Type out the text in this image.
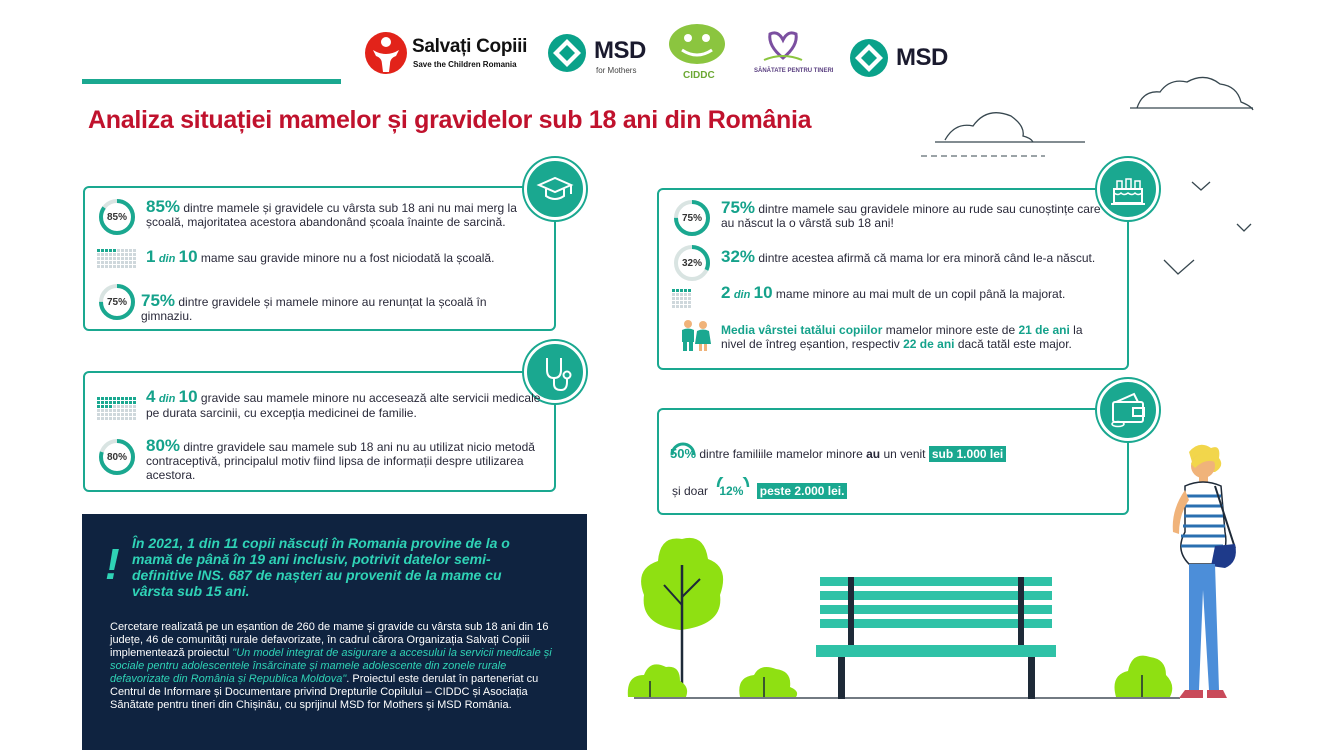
Salvați Copiii
Save the Children Romania
MSD
for Mothers	CIDDC	SĂNĂTATE PENTRU TINERI	MSD
Analiza situației mamelor și gravidelor sub 18 ani din România
85%
85% dintre mamele și gravidele cu vârsta sub 18 ani nu mai merg la școală, majoritatea acestora abandonând școala înainte de sarcină.
1 din 10 mame sau gravide minore nu a fost niciodată la școală.
75% 75% dintre gravidele și mamele minore au renunțat la școală în gimnaziu.
4 din 10 gravide sau mamele minore nu accesează alte servicii medicale pe durata sarcinii, cu excepția medicinei de familie.
80%
80% dintre gravidele sau mamele sub 18 ani nu au utilizat nicio metodă contraceptivă, principalul motiv fiind lipsa de informații despre utilizarea acestora.
75%
75% dintre mamele sau gravidele minore au rude sau cunoștințe care au născut la o vârstă sub 18 ani!
32%	32% dintre acestea afirmă că mama lor era minoră când le-a născut.
2 din 10 mame minore au mai mult de un copil până la majorat.
Media vârstei tatălui copiilor mamelor minore este de 21 de ani la nivel de întreg eșantion, respectiv 22 de ani dacă tatăl este major.
50% dintre familiile mamelor minore au un venit sub 1.000 lei
și doar 12% peste 2.000 lei.
! În 2021, 1 din 11 copii născuți în Romania provine de la o mamă de până în 19 ani inclusiv, potrivit datelor semi-definitive INS. 687 de nașteri au provenit de la mame cu vârsta sub 15 ani.
Cercetare realizată pe un eșantion de 260 de mame și gravide cu vârsta sub 18 ani din 16 județe, 46 de comunități rurale defavorizate, în cadrul cărora Organizația Salvați Copiii implementează proiectul "Un model integrat de asigurare a accesului la servicii medicale și sociale pentru adolescentele însărcinate și mamele adolescente din zonele rurale defavorizate din România și Republica Moldova". Proiectul este derulat în parteneriat cu Centrul de Informare și Documentare privind Drepturile Copilului – CIDDC și Asociația Sănătate pentru tineri din Chișinău, cu sprijinul MSD for Mothers și MSD România.
